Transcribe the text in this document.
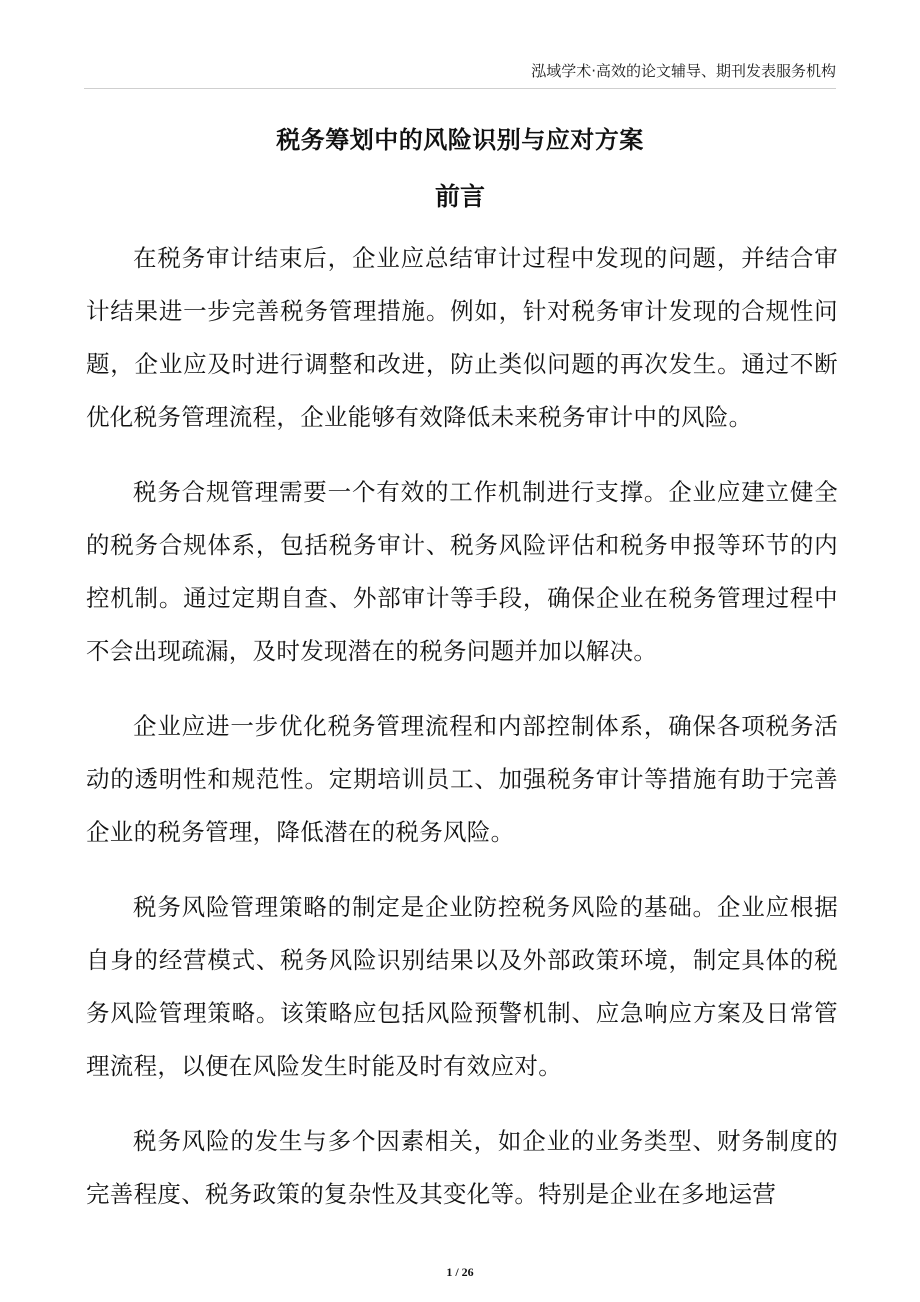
泓域学术·高效的论文辅导、期刊发表服务机构
税务筹划中的风险识别与应对方案
前言

在税务审计结束后，企业应总结审计过程中发现的问题，并结合审计结果进一步完善税务管理措施。例如，针对税务审计发现的合规性问题，企业应及时进行调整和改进，防止类似问题的再次发生。通过不断优化税务管理流程，企业能够有效降低未来税务审计中的风险。

税务合规管理需要一个有效的工作机制进行支撑。企业应建立健全的税务合规体系，包括税务审计、税务风险评估和税务申报等环节的内控机制。通过定期自查、外部审计等手段，确保企业在税务管理过程中不会出现疏漏，及时发现潜在的税务问题并加以解决。

企业应进一步优化税务管理流程和内部控制体系，确保各项税务活动的透明性和规范性。定期培训员工、加强税务审计等措施有助于完善企业的税务管理，降低潜在的税务风险。

税务风险管理策略的制定是企业防控税务风险的基础。企业应根据自身的经营模式、税务风险识别结果以及外部政策环境，制定具体的税务风险管理策略。该策略应包括风险预警机制、应急响应方案及日常管理流程，以便在风险发生时能及时有效应对。

税务风险的发生与多个因素相关，如企业的业务类型、财务制度的完善程度、税务政策的复杂性及其变化等。特别是企业在多地运营

1 / 26
